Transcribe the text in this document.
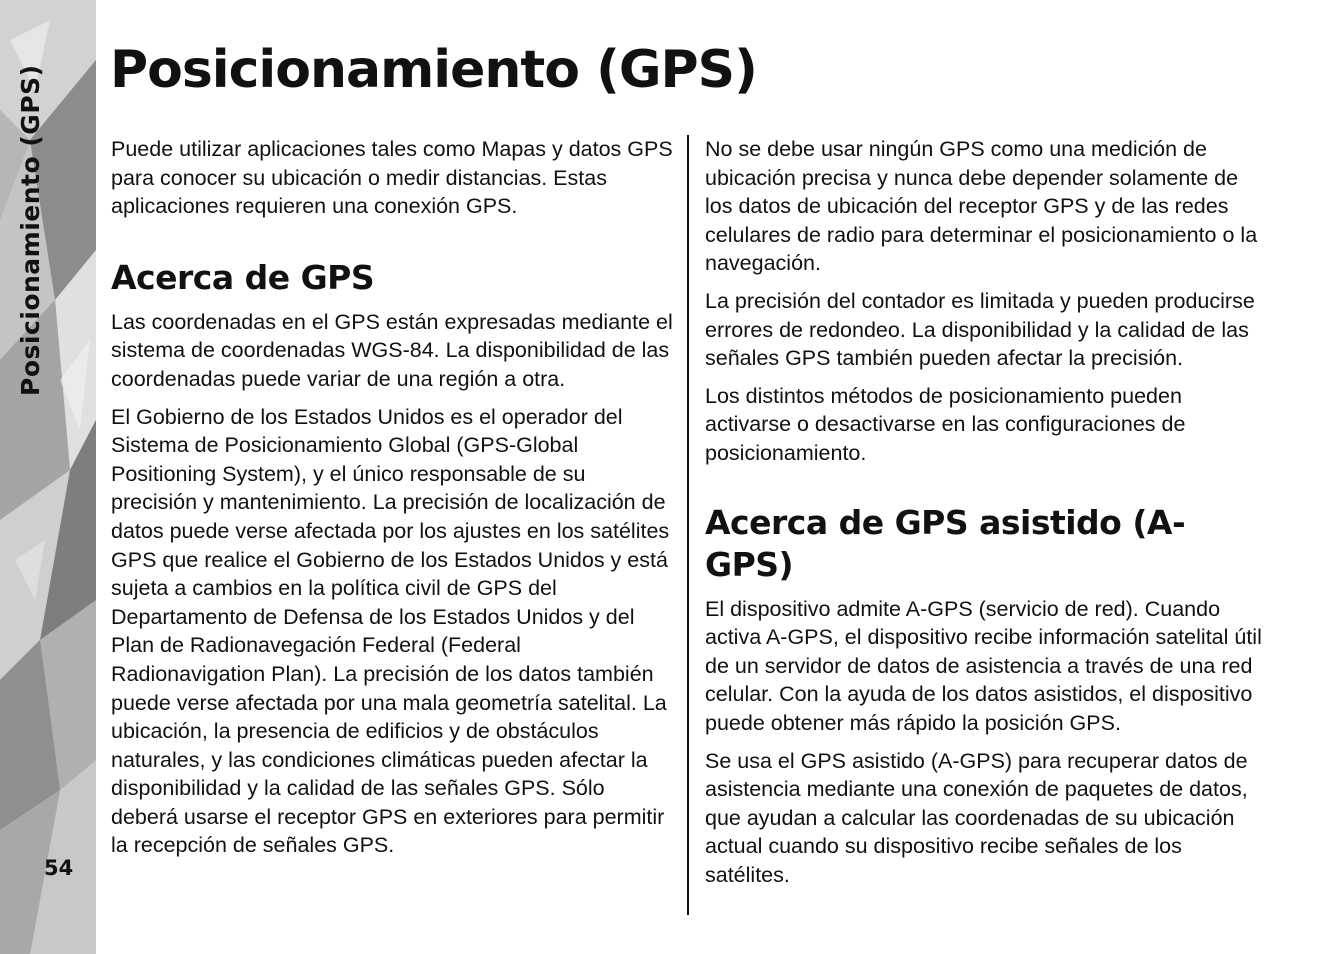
Posicionamiento (GPS)
54
Posicionamiento (GPS)

Puede utilizar aplicaciones tales como Mapas y datos GPS para conocer su ubicación o medir distancias. Estas aplicaciones requieren una conexión GPS.

Acerca de GPS

Las coordenadas en el GPS están expresadas mediante el sistema de coordenadas WGS-84. La disponibilidad de las coordenadas puede variar de una región a otra.

El Gobierno de los Estados Unidos es el operador del Sistema de Posicionamiento Global (GPS-Global Positioning System), y el único responsable de su precisión y mantenimiento. La precisión de localización de datos puede verse afectada por los ajustes en los satélites GPS que realice el Gobierno de los Estados Unidos y está sujeta a cambios en la política civil de GPS del Departamento de Defensa de los Estados Unidos y del Plan de Radionavegación Federal (Federal Radionavigation Plan). La precisión de los datos también puede verse afectada por una mala geometría satelital. La ubicación, la presencia de edificios y de obstáculos naturales, y las condiciones climáticas pueden afectar la disponibilidad y la calidad de las señales GPS. Sólo deberá usarse el receptor GPS en exteriores para permitir la recepción de señales GPS.

No se debe usar ningún GPS como una medición de ubicación precisa y nunca debe depender solamente de los datos de ubicación del receptor GPS y de las redes celulares de radio para determinar el posicionamiento o la navegación.

La precisión del contador es limitada y pueden producirse errores de redondeo. La disponibilidad y la calidad de las señales GPS también pueden afectar la precisión.

Los distintos métodos de posicionamiento pueden activarse o desactivarse en las configuraciones de posicionamiento.

Acerca de GPS asistido (A-GPS)

El dispositivo admite A-GPS (servicio de red). Cuando activa A-GPS, el dispositivo recibe información satelital útil de un servidor de datos de asistencia a través de una red celular. Con la ayuda de los datos asistidos, el dispositivo puede obtener más rápido la posición GPS.

Se usa el GPS asistido (A-GPS) para recuperar datos de asistencia mediante una conexión de paquetes de datos, que ayudan a calcular las coordenadas de su ubicación actual cuando su dispositivo recibe señales de los satélites.
